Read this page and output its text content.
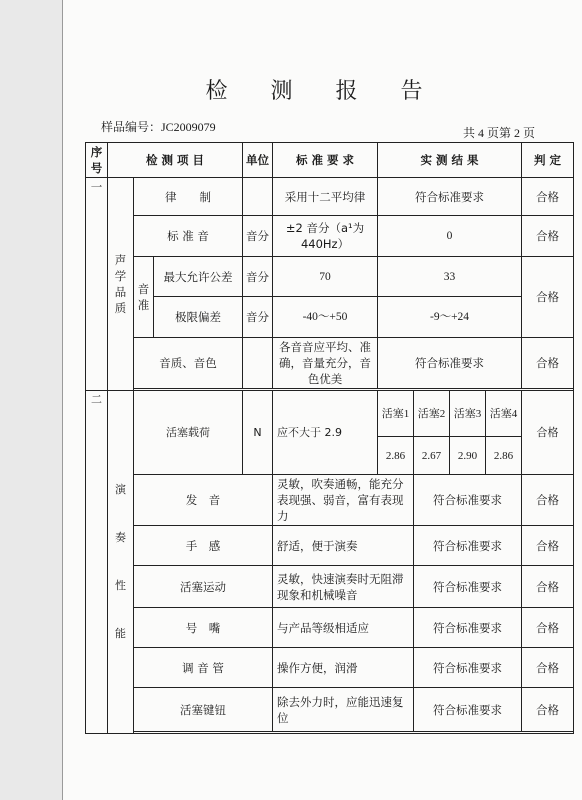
检 测 报 告
样品编号：JC2009079	共 4 页第 2 页
序号	检 测 项 目			单位	标 准 要 求	实 测 结 果				判 定
一	声学品质	律　　制			采用十二平均律	符合标准要求				合格
		标 准 音		音分	±2 音分（a¹为 440Hz）	0				合格
		音准	最大允许公差	音分	70	33				合格
			极限偏差	音分	-40～+50	-9～+24				
		音质、音色			各音音应平均、准确，音量充分，音色优美	符合标准要求				合格

二	演奏性能	活塞载荷		N	应不大于 2.9	活塞1	活塞2	活塞3	活塞4	合格
						2.86	2.67	2.90	2.86	
		发　音			灵敏，吹奏通畅，能充分表现强、弱音，富有表现力		符合标准要求			合格
		手　感			舒适，便于演奏		符合标准要求			合格
		活塞运动			灵敏，快速演奏时无阻滞现象和机械噪音		符合标准要求			合格
		号　嘴			与产品等级相适应		符合标准要求			合格
		调 音 管			操作方便，润滑		符合标准要求			合格
		活塞键钮			除去外力时，应能迅速复位		符合标准要求			合格
